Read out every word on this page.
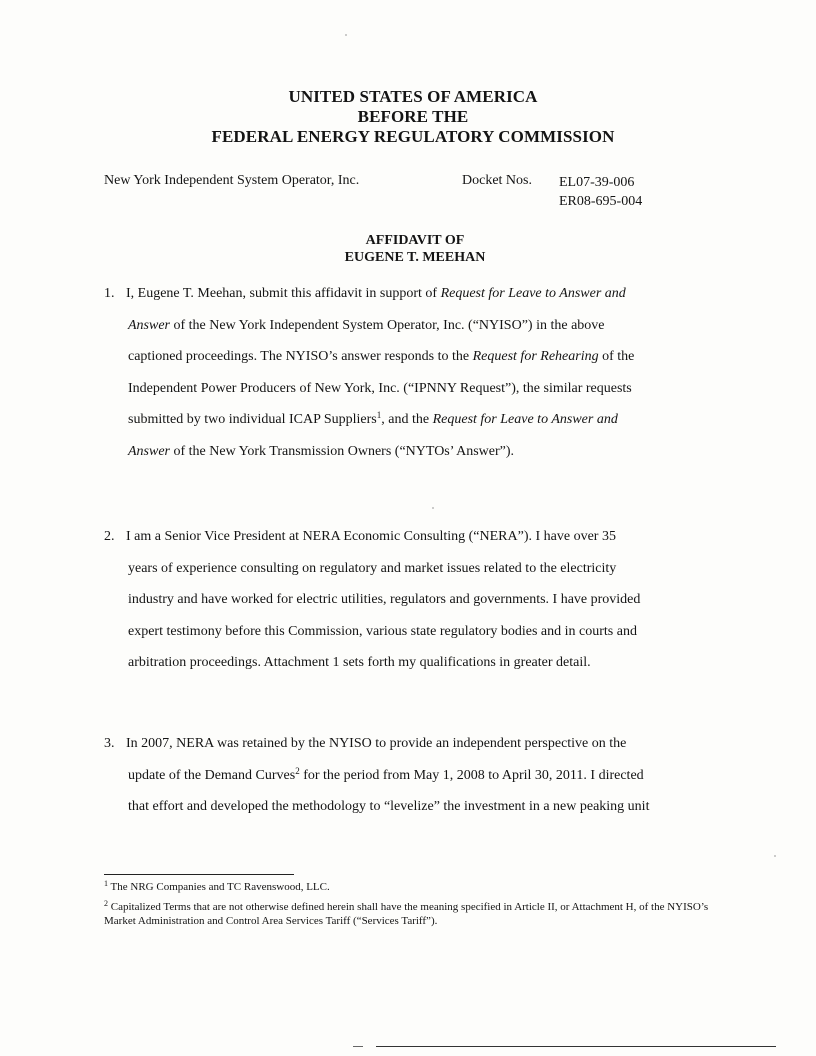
UNITED STATES OF AMERICA
BEFORE THE
FEDERAL ENERGY REGULATORY COMMISSION
New York Independent System Operator, Inc.	Docket Nos.	EL07-39-006
ER08-695-004
AFFIDAVIT OF
EUGENE T. MEEHAN
1. I, Eugene T. Meehan, submit this affidavit in support of Request for Leave to Answer and
Answer of the New York Independent System Operator, Inc. (“NYISO”) in the above
captioned proceedings. The NYISO’s answer responds to the Request for Rehearing of the
Independent Power Producers of New York, Inc. (“IPNNY Request”), the similar requests
submitted by two individual ICAP Suppliers$^1$, and the Request for Leave to Answer and
Answer of the New York Transmission Owners (“NYTOs’ Answer”).
2. I am a Senior Vice President at NERA Economic Consulting (“NERA”). I have over 35
years of experience consulting on regulatory and market issues related to the electricity
industry and have worked for electric utilities, regulators and governments. I have provided
expert testimony before this Commission, various state regulatory bodies and in courts and
arbitration proceedings. Attachment 1 sets forth my qualifications in greater detail.
3. In 2007, NERA was retained by the NYISO to provide an independent perspective on the
update of the Demand Curves$^2$ for the period from May 1, 2008 to April 30, 2011. I directed
that effort and developed the methodology to “levelize” the investment in a new peaking unit
$^1$ The NRG Companies and TC Ravenswood, LLC.
$^2$ Capitalized Terms that are not otherwise defined herein shall have the meaning specified in Article II, or Attachment H, of the NYISO’s Market Administration and Control Area Services Tariff (“Services Tariff”).
